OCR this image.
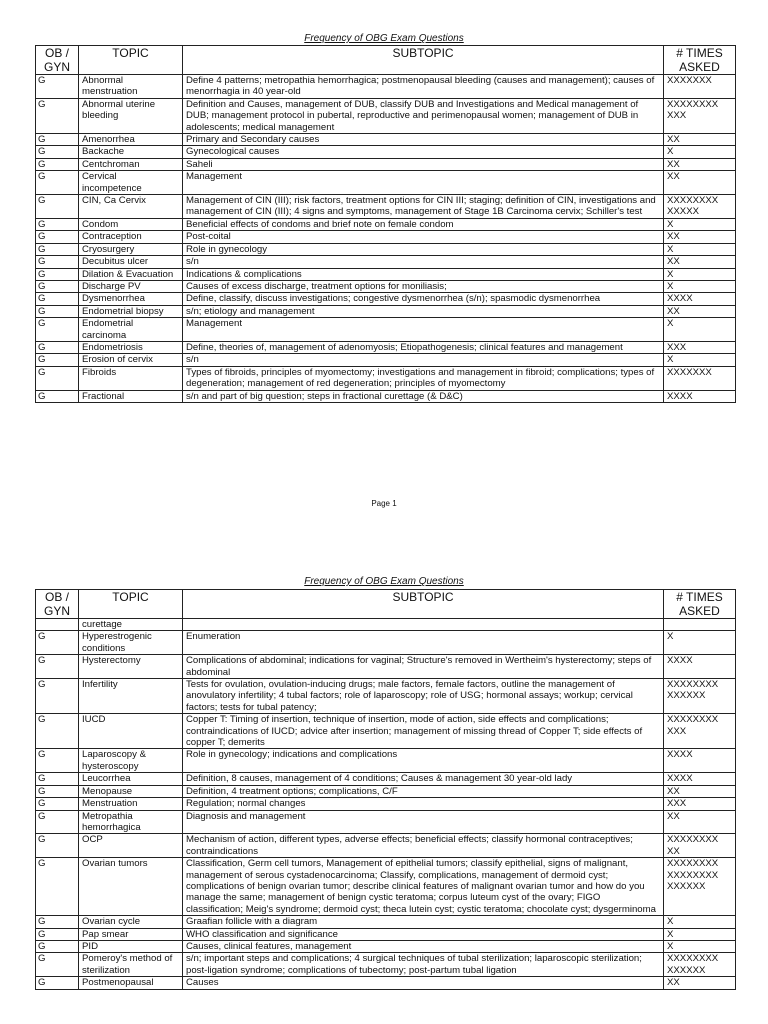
Frequency of OBG Exam Questions
OB / GYN	TOPIC	SUBTOPIC	# TIMES ASKED
G	Abnormal menstruation	Define 4 patterns; metropathia hemorrhagica; postmenopausal bleeding (causes and management); causes of menorrhagia in 40 year-old	XXXXXXX
G	Abnormal uterine bleeding	Definition and Causes, management of DUB, classify DUB and Investigations and Medical management of DUB; management protocol in pubertal, reproductive and perimenopausal women; management of DUB in adolescents; medical management	XXXXXXXX XXX
G	Amenorrhea	Primary and Secondary causes	XX
G	Backache	Gynecological causes	X
G	Centchroman	Saheli	XX
G	Cervical incompetence	Management	XX
G	CIN, Ca Cervix	Management of CIN (III); risk factors, treatment options for CIN III; staging; definition of CIN, investigations and management of CIN (III); 4 signs and symptoms, management of Stage 1B Carcinoma cervix; Schiller's test	XXXXXXXX XXXXX
G	Condom	Beneficial effects of condoms and brief note on female condom	X
G	Contraception	Post-coital	XX
G	Cryosurgery	Role in gynecology	X
G	Decubitus ulcer	s/n	XX
G	Dilation & Evacuation	Indications & complications	X
G	Discharge PV	Causes of excess discharge, treatment options for moniliasis;	X
G	Dysmenorrhea	Define, classify, discuss investigations; congestive dysmenorrhea (s/n); spasmodic dysmenorrhea	XXXX
G	Endometrial biopsy	s/n; etiology and management	XX
G	Endometrial carcinoma	Management	X
G	Endometriosis	Define, theories of, management of adenomyosis; Etiopathogenesis; clinical features and management	XXX
G	Erosion of cervix	s/n	X
G	Fibroids	Types of fibroids, principles of myomectomy; investigations and management in fibroid; complications; types of degeneration; management of red degeneration; principles of myomectomy	XXXXXXX
G	Fractional	s/n and part of big question; steps in fractional curettage (& D&C)	XXXX
Page 1
Frequency of OBG Exam Questions
OB / GYN	TOPIC	SUBTOPIC	# TIMES ASKED
	curettage		
G	Hyperestrogenic conditions	Enumeration	X
G	Hysterectomy	Complications of abdominal; indications for vaginal; Structure's removed in Wertheim's hysterectomy; steps of abdominal	XXXX
G	Infertility	Tests for ovulation, ovulation-inducing drugs; male factors, female factors, outline the management of anovulatory infertility; 4 tubal factors; role of laparoscopy; role of USG; hormonal assays; workup; cervical factors; tests for tubal patency;	XXXXXXXX XXXXXX
G	IUCD	Copper T: Timing of insertion, technique of insertion, mode of action, side effects and complications; contraindications of IUCD; advice after insertion; management of missing thread of Copper T; side effects of copper T; demerits	XXXXXXXX XXX
G	Laparoscopy & hysteroscopy	Role in gynecology; indications and complications	XXXX
G	Leucorrhea	Definition, 8 causes, management of 4 conditions; Causes & management 30 year-old lady	XXXX
G	Menopause	Definition, 4 treatment options; complications, C/F	XX
G	Menstruation	Regulation; normal changes	XXX
G	Metropathia hemorrhagica	Diagnosis and management	XX
G	OCP	Mechanism of action, different types, adverse effects; beneficial effects; classify hormonal contraceptives; contraindications	XXXXXXXX XX
G	Ovarian tumors	Classification, Germ cell tumors, Management of epithelial tumors; classify epithelial, signs of malignant, management of serous cystadenocarcinoma; Classify, complications, management of dermoid cyst; complications of benign ovarian tumor; describe clinical features of malignant ovarian tumor and how do you manage the same; management of benign cystic teratoma; corpus luteum cyst of the ovary; FIGO classification; Meig's syndrome; dermoid cyst; theca lutein cyst; cystic teratoma; chocolate cyst; dysgerminoma	XXXXXXXX XXXXXXXX XXXXXX
G	Ovarian cycle	Graafian follicle with a diagram	X
G	Pap smear	WHO classification and significance	X
G	PID	Causes, clinical features, management	X
G	Pomeroy's method of sterilization	s/n; important steps and complications; 4 surgical techniques of tubal sterilization; laparoscopic sterilization; post-ligation syndrome; complications of tubectomy; post-partum tubal ligation	XXXXXXXX XXXXXX
G	Postmenopausal	Causes	XX
